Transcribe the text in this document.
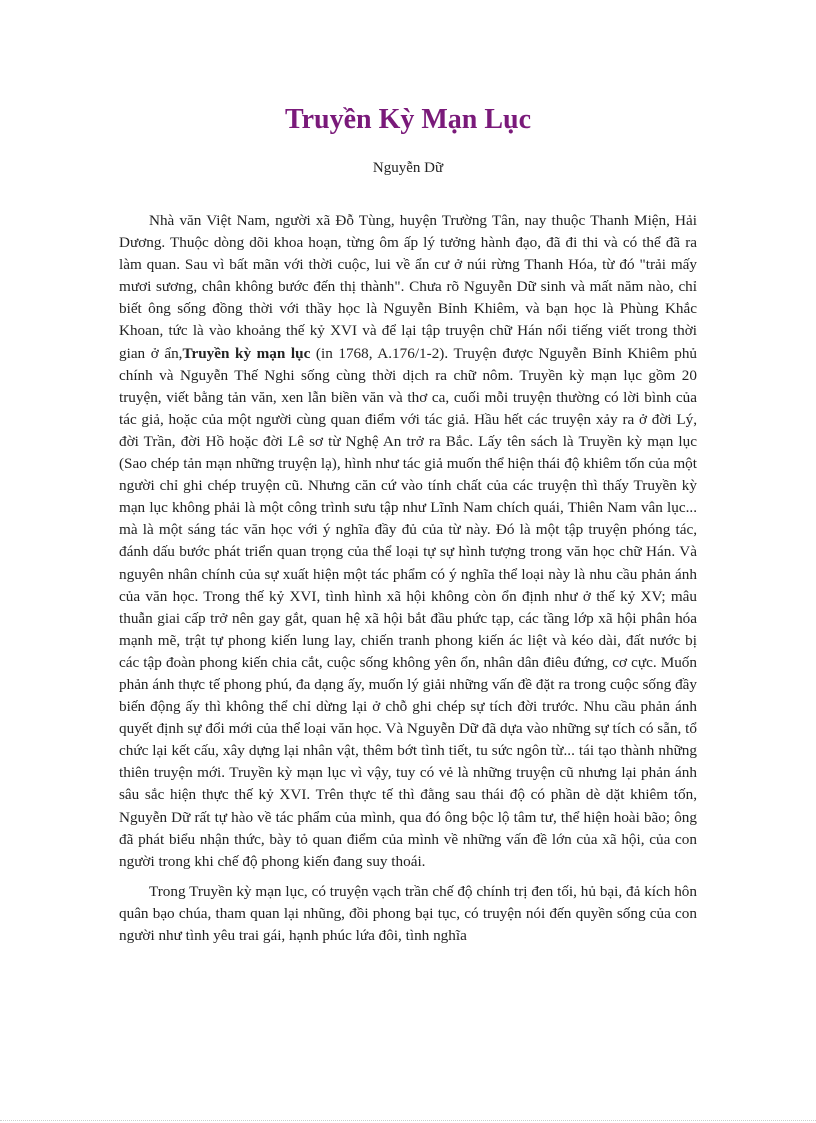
Truyền Kỳ Mạn Lục
Nguyễn Dữ

Nhà văn Việt Nam, người xã Đỗ Tùng, huyện Trường Tân, nay thuộc Thanh Miện, Hải Dương. Thuộc dòng dõi khoa hoạn, từng ôm ấp lý tưởng hành đạo, đã đi thi và có thể đã ra làm quan. Sau vì bất mãn với thời cuộc, lui về ẩn cư ở núi rừng Thanh Hóa, từ đó "trải mấy mươi sương, chân không bước đến thị thành". Chưa rõ Nguyễn Dữ sinh và mất năm nào, chỉ biết ông sống đồng thời với thầy học là Nguyễn Bỉnh Khiêm, và bạn học là Phùng Khắc Khoan, tức là vào khoảng thế kỷ XVI và để lại tập truyện chữ Hán nổi tiếng viết trong thời gian ở ẩn,Truyền kỳ mạn lục (in 1768, A.176/1-2). Truyện được Nguyễn Bỉnh Khiêm phủ chính và Nguyễn Thế Nghi sống cùng thời dịch ra chữ nôm. Truyền kỳ mạn lục gồm 20 truyện, viết bằng tản văn, xen lẫn biền văn và thơ ca, cuối mỗi truyện thường có lời bình của tác giả, hoặc của một người cùng quan điểm với tác giả. Hầu hết các truyện xảy ra ở đời Lý, đời Trần, đời Hồ hoặc đời Lê sơ từ Nghệ An trở ra Bắc. Lấy tên sách là Truyền kỳ mạn lục (Sao chép tản mạn những truyện lạ), hình như tác giả muốn thể hiện thái độ khiêm tốn của một người chỉ ghi chép truyện cũ. Nhưng căn cứ vào tính chất của các truyện thì thấy Truyền kỳ mạn lục không phải là một công trình sưu tập như Lĩnh Nam chích quái, Thiên Nam vân lục... mà là một sáng tác văn học với ý nghĩa đầy đủ của từ này. Đó là một tập truyện phóng tác, đánh dấu bước phát triển quan trọng của thể loại tự sự hình tượng trong văn học chữ Hán. Và nguyên nhân chính của sự xuất hiện một tác phẩm có ý nghĩa thể loại này là nhu cầu phản ánh của văn học. Trong thế kỷ XVI, tình hình xã hội không còn ổn định như ở thế kỷ XV; mâu thuẫn giai cấp trở nên gay gắt, quan hệ xã hội bắt đầu phức tạp, các tầng lớp xã hội phân hóa mạnh mẽ, trật tự phong kiến lung lay, chiến tranh phong kiến ác liệt và kéo dài, đất nước bị các tập đoàn phong kiến chia cắt, cuộc sống không yên ổn, nhân dân điêu đứng, cơ cực. Muốn phản ánh thực tế phong phú, đa dạng ấy, muốn lý giải những vấn đề đặt ra trong cuộc sống đầy biến động ấy thì không thể chỉ dừng lại ở chỗ ghi chép sự tích đời trước. Nhu cầu phản ánh quyết định sự đổi mới của thể loại văn học. Và Nguyễn Dữ đã dựa vào những sự tích có sẵn, tổ chức lại kết cấu, xây dựng lại nhân vật, thêm bớt tình tiết, tu sức ngôn từ... tái tạo thành những thiên truyện mới. Truyền kỳ mạn lục vì vậy, tuy có vẻ là những truyện cũ nhưng lại phản ánh sâu sắc hiện thực thế kỷ XVI. Trên thực tế thì đằng sau thái độ có phần dè dặt khiêm tốn, Nguyễn Dữ rất tự hào về tác phẩm của mình, qua đó ông bộc lộ tâm tư, thể hiện hoài bão; ông đã phát biểu nhận thức, bày tỏ quan điểm của mình về những vấn đề lớn của xã hội, của con người trong khi chế độ phong kiến đang suy thoái.

Trong Truyền kỳ mạn lục, có truyện vạch trần chế độ chính trị đen tối, hủ bại, đả kích hôn quân bạo chúa, tham quan lại nhũng, đồi phong bại tục, có truyện nói đến quyền sống của con người như tình yêu trai gái, hạnh phúc lứa đôi, tình nghĩa
